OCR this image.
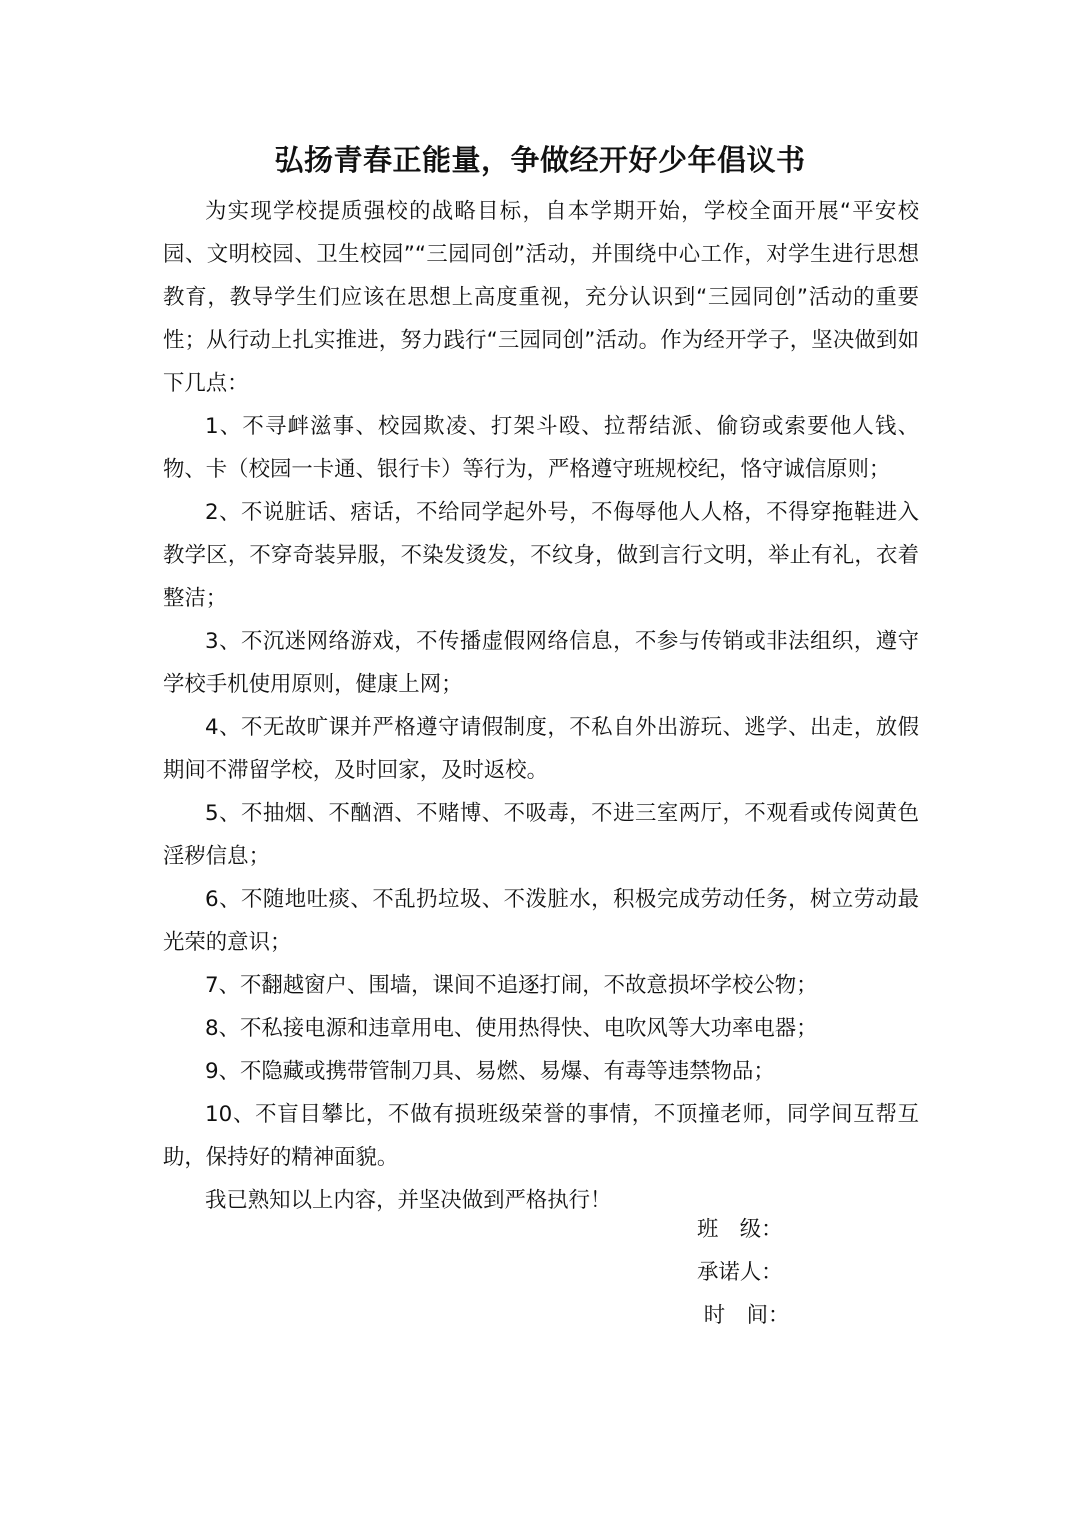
弘扬青春正能量，争做经开好少年倡议书

为实现学校提质强校的战略目标，自本学期开始，学校全面开展“平安校园、文明校园、卫生校园”“三园同创”活动，并围绕中心工作，对学生进行思想教育，教导学生们应该在思想上高度重视，充分认识到“三园同创”活动的重要性；从行动上扎实推进，努力践行“三园同创”活动。作为经开学子，坚决做到如下几点：

1、不寻衅滋事、校园欺凌、打架斗殴、拉帮结派、偷窃或索要他人钱、物、卡（校园一卡通、银行卡）等行为，严格遵守班规校纪，恪守诚信原则；

2、不说脏话、痞话，不给同学起外号，不侮辱他人人格，不得穿拖鞋进入教学区，不穿奇装异服，不染发烫发，不纹身，做到言行文明，举止有礼，衣着整洁；

3、不沉迷网络游戏，不传播虚假网络信息，不参与传销或非法组织，遵守学校手机使用原则，健康上网；

4、不无故旷课并严格遵守请假制度，不私自外出游玩、逃学、出走，放假期间不滞留学校，及时回家，及时返校。

5、不抽烟、不酗酒、不赌博、不吸毒，不进三室两厅，不观看或传阅黄色淫秽信息；

6、不随地吐痰、不乱扔垃圾、不泼脏水，积极完成劳动任务，树立劳动最光荣的意识；

7、不翻越窗户、围墙，课间不追逐打闹，不故意损坏学校公物；

8、不私接电源和违章用电、使用热得快、电吹风等大功率电器；

9、不隐藏或携带管制刀具、易燃、易爆、有毒等违禁物品；

10、不盲目攀比，不做有损班级荣誉的事情，不顶撞老师，同学间互帮互助，保持好的精神面貌。

我已熟知以上内容，并坚决做到严格执行！

班　级：

承诺人：

时　间：
